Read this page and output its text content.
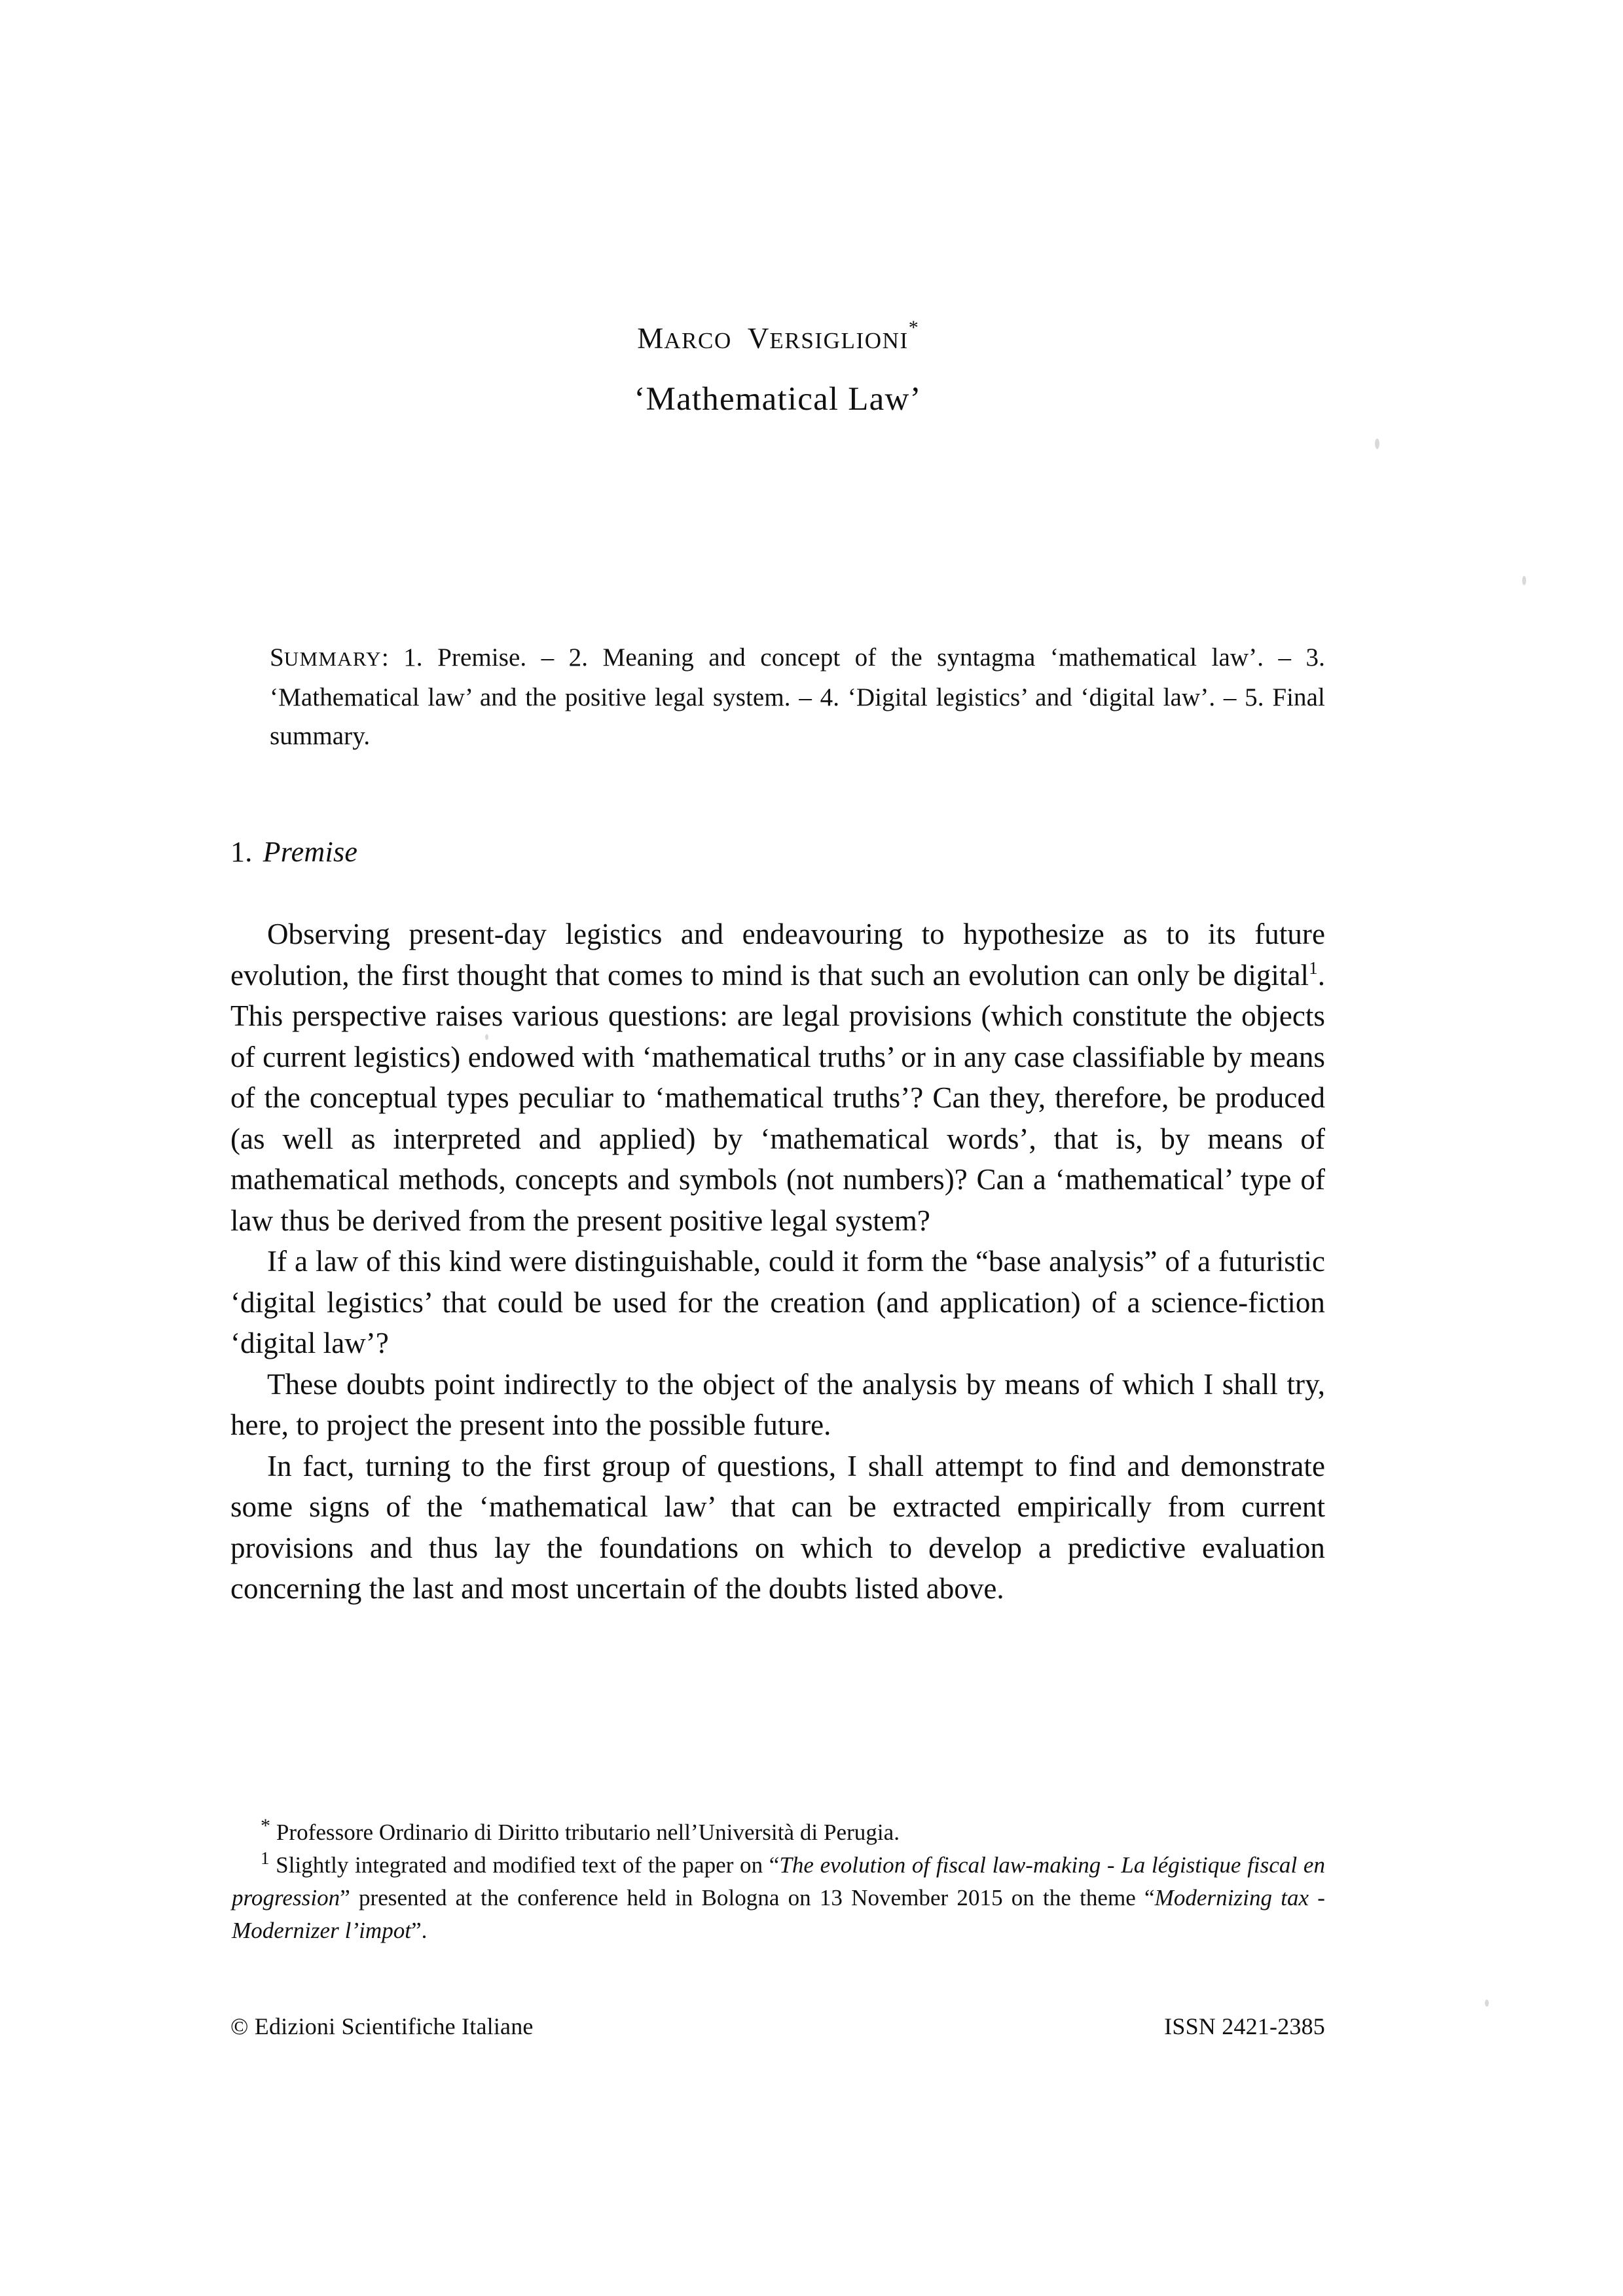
MARCO VERSIGLIONI*
‘Mathematical Law’
SUMMARY: 1. Premise. – 2. Meaning and concept of the syntagma ‘mathematical law’. – 3. ‘Mathematical law’ and the positive legal system. – 4. ‘Digital legistics’ and ‘digital law’. – 5. Final summary.
1. Premise

Observing present-day legistics and endeavouring to hypothesize as to its future evolution, the first thought that comes to mind is that such an evolution can only be digital$^1$. This perspective raises various questions: are legal provisions (which constitute the objects of current legistics) endowed with ‘mathematical truths’ or in any case classifiable by means of the conceptual types peculiar to ‘mathematical truths’? Can they, therefore, be produced (as well as interpreted and applied) by ‘mathematical words’, that is, by means of mathematical methods, concepts and symbols (not numbers)? Can a ‘mathematical’ type of law thus be derived from the present positive legal system?

If a law of this kind were distinguishable, could it form the “base analysis” of a futuristic ‘digital legistics’ that could be used for the creation (and application) of a science-fiction ‘digital law’?

These doubts point indirectly to the object of the analysis by means of which I shall try, here, to project the present into the possible future.

In fact, turning to the first group of questions, I shall attempt to find and demonstrate some signs of the ‘mathematical law’ that can be extracted empirically from current provisions and thus lay the foundations on which to develop a predictive evaluation concerning the last and most uncertain of the doubts listed above.

* Professore Ordinario di Diritto tributario nell’Università di Perugia.

$^1$ Slightly integrated and modified text of the paper on “The evolution of fiscal law-making - La légistique fiscal en progression” presented at the conference held in Bologna on 13 November 2015 on the theme “Modernizing tax - Modernizer l’impot”.

© Edizioni Scientifiche Italiane	ISSN 2421-2385
